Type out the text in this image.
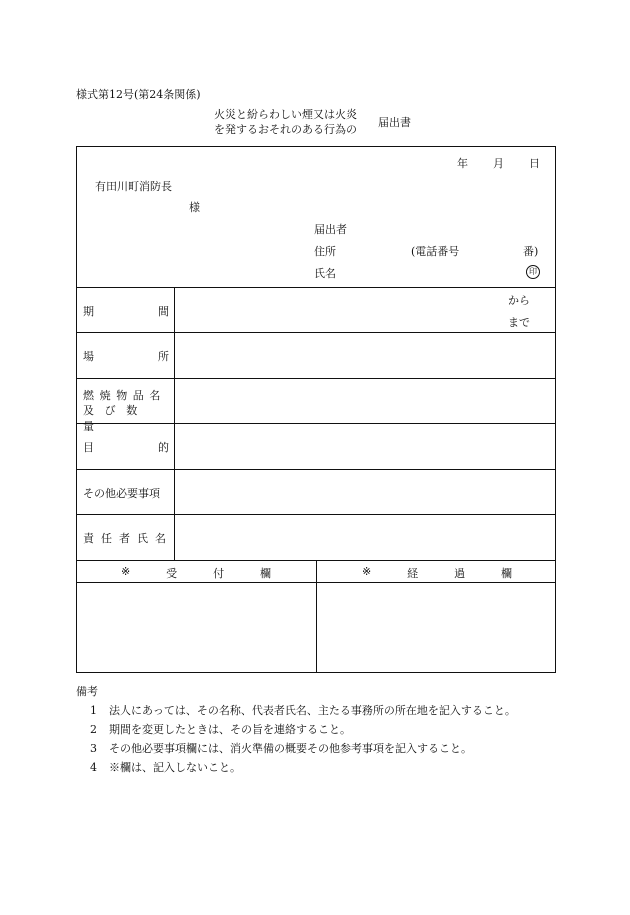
様式第12号(第24条関係)
火災と紛らわしい煙又は火炎
を発するおそれのある行為の
届出書
年 月 日
有田川町消防長
様
届出者
住所	(電話番号	番)
氏名	印
期	間
から
まで
場	所
燃焼物品名
及び数量
目	的
その他必要事項
責任者氏名
※	受	付	欄	※	経	過	欄
備考
1 法人にあっては、その名称、代表者氏名、主たる事務所の所在地を記入すること。
2 期間を変更したときは、その旨を連絡すること。
3 その他必要事項欄には、消火準備の概要その他参考事項を記入すること。
4 ※欄は、記入しないこと。
